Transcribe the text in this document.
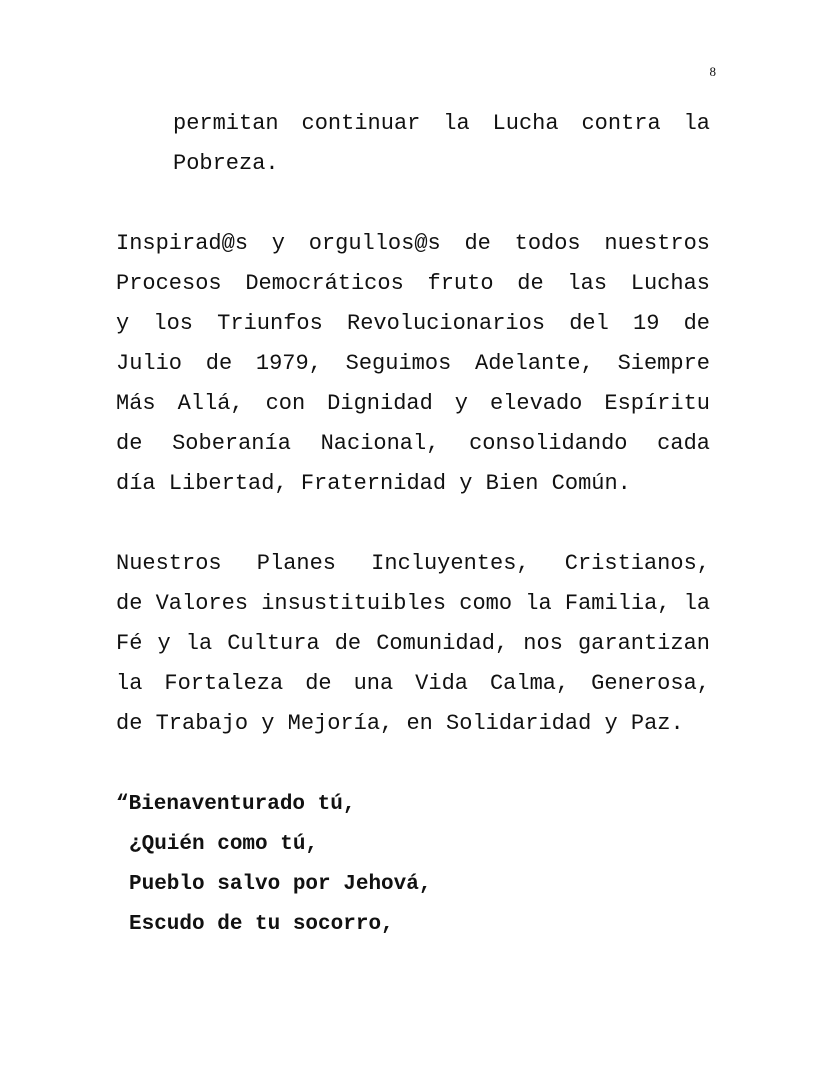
8
permitan continuar la Lucha contra la
Pobreza.
Inspirad@s y orgullos@s de todos nuestros
Procesos Democráticos fruto de las Luchas
y los Triunfos Revolucionarios del 19 de
Julio de 1979, Seguimos Adelante, Siempre
Más Allá, con Dignidad y elevado Espíritu
de Soberanía Nacional, consolidando cada
día Libertad, Fraternidad y Bien Común.
Nuestros Planes Incluyentes, Cristianos,
de Valores insustituibles como la Familia, la
Fé y la Cultura de Comunidad, nos garantizan
la Fortaleza de una Vida Calma, Generosa,
de Trabajo y Mejoría, en Solidaridad y Paz.
“Bienaventurado tú,
¿Quién como tú,
Pueblo salvo por Jehová,
Escudo de tu socorro,
